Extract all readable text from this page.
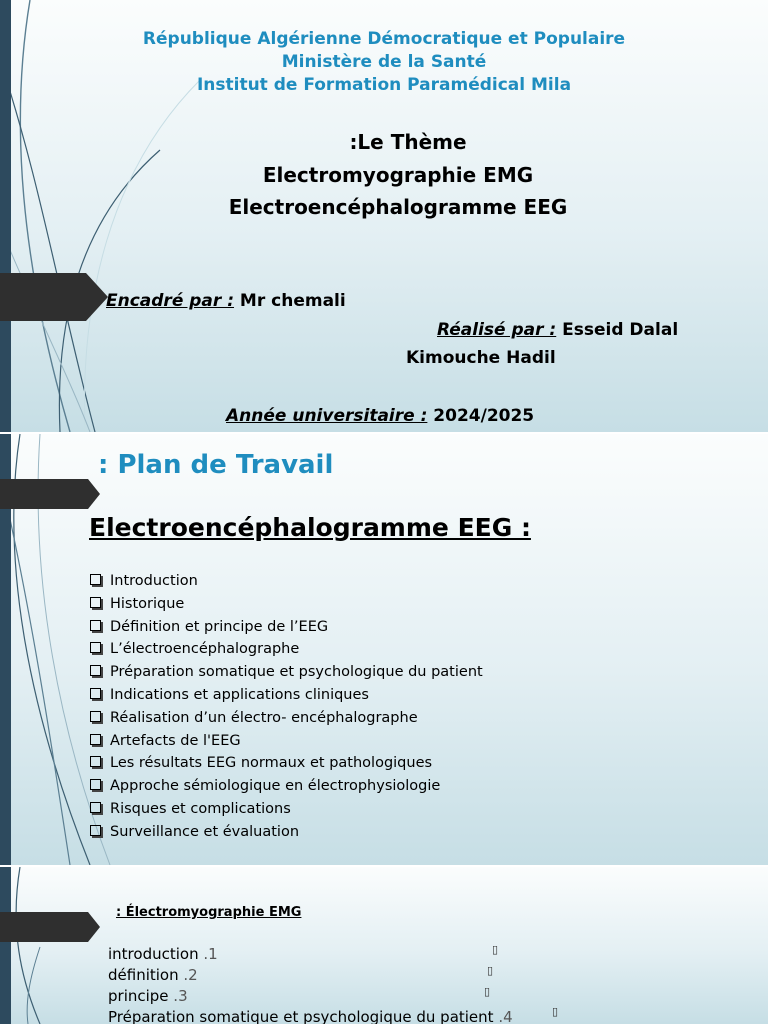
République Algérienne Démocratique et Populaire
Ministère de la Santé
Institut de Formation Paramédical Mila
:Le Thème
Electromyographie EMG
Electroencéphalogramme EEG
Encadré par : Mr chemali
Réalisé par : Esseid Dalal
Kimouche Hadil
Année universitaire : 2024/2025
: Plan de Travail
Electroencéphalogramme EEG :
Introduction
Historique
Définition et principe de l’EEG
L’électroencéphalographe
Préparation somatique et psychologique du patient
Indications et applications cliniques
Réalisation d’un électro- encéphalographe
Artefacts de l'EEG
Les résultats EEG normaux et pathologiques
Approche sémiologique en électrophysiologie
Risques et complications
Surveillance et évaluation
: Électromyographie EMG
introduction .1	▯
définition .2	▯
principe .3	▯
Préparation somatique et psychologique du patient .4	▯
